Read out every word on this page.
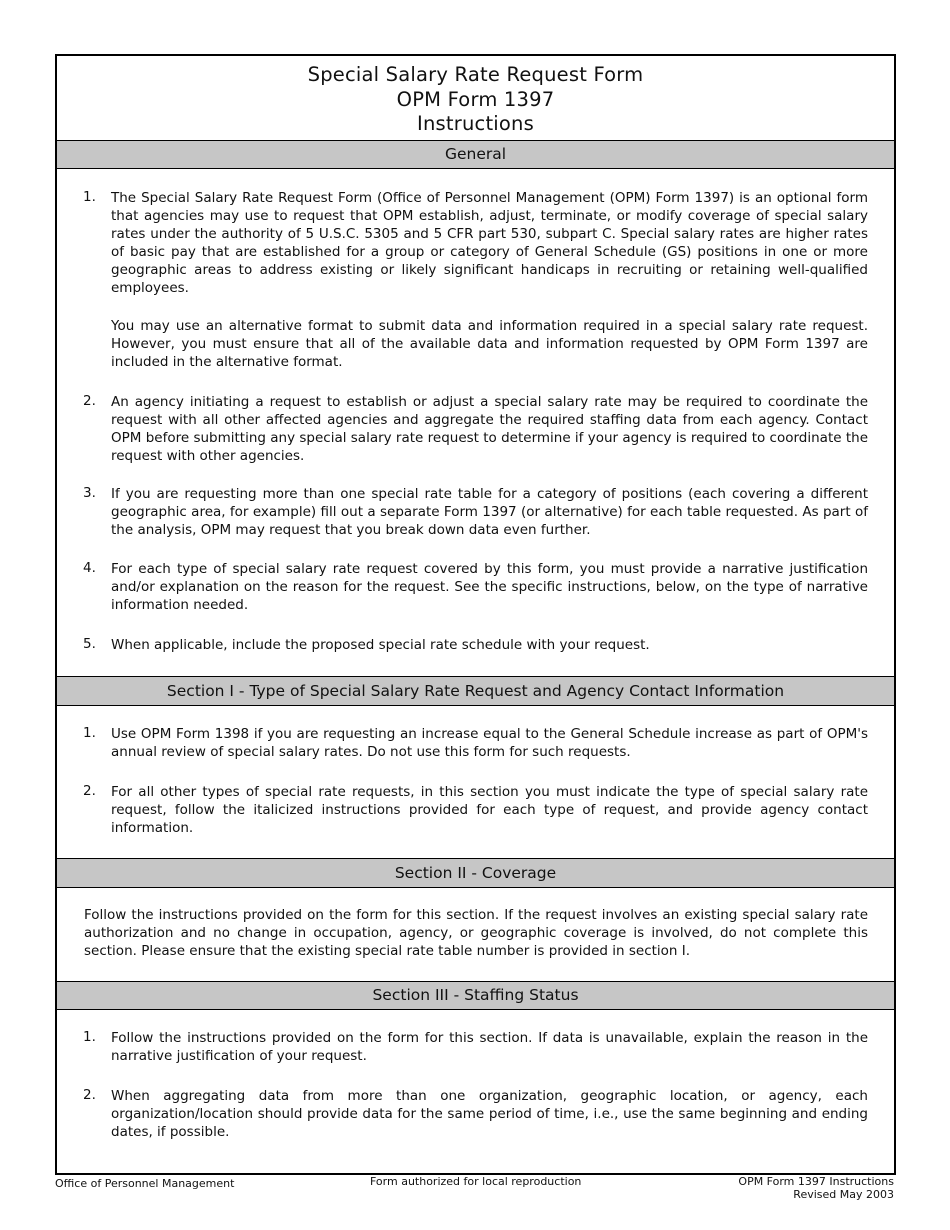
Special Salary Rate Request Form
OPM Form 1397
Instructions
General
1. The Special Salary Rate Request Form (Office of Personnel Management (OPM) Form 1397) is an optional form that agencies may use to request that OPM establish, adjust, terminate, or modify coverage of special salary rates under the authority of 5 U.S.C. 5305 and 5 CFR part 530, subpart C. Special salary rates are higher rates of basic pay that are established for a group or category of General Schedule (GS) positions in one or more geographic areas to address existing or likely significant handicaps in recruiting or retaining well-qualified employees.

You may use an alternative format to submit data and information required in a special salary rate request. However, you must ensure that all of the available data and information requested by OPM Form 1397 are included in the alternative format.

2. An agency initiating a request to establish or adjust a special salary rate may be required to coordinate the request with all other affected agencies and aggregate the required staffing data from each agency. Contact OPM before submitting any special salary rate request to determine if your agency is required to coordinate the request with other agencies.

3. If you are requesting more than one special rate table for a category of positions (each covering a different geographic area, for example) fill out a separate Form 1397 (or alternative) for each table requested. As part of the analysis, OPM may request that you break down data even further.

4. For each type of special salary rate request covered by this form, you must provide a narrative justification and/or explanation on the reason for the request. See the specific instructions, below, on the type of narrative information needed.

5. When applicable, include the proposed special rate schedule with your request.

Section I - Type of Special Salary Rate Request and Agency Contact Information
1. Use OPM Form 1398 if you are requesting an increase equal to the General Schedule increase as part of OPM's annual review of special salary rates. Do not use this form for such requests.

2. For all other types of special rate requests, in this section you must indicate the type of special salary rate request, follow the italicized instructions provided for each type of request, and provide agency contact information.

Section II - Coverage

Follow the instructions provided on the form for this section. If the request involves an existing special salary rate authorization and no change in occupation, agency, or geographic coverage is involved, do not complete this section. Please ensure that the existing special rate table number is provided in section I.

Section III - Staffing Status
1. Follow the instructions provided on the form for this section. If data is unavailable, explain the reason in the narrative justification of your request.

2. When aggregating data from more than one organization, geographic location, or agency, each organization/location should provide data for the same period of time, i.e., use the same beginning and ending dates, if possible.

Office of Personnel Management	Form authorized for local reproduction	OPM Form 1397 Instructions
Revised May 2003
